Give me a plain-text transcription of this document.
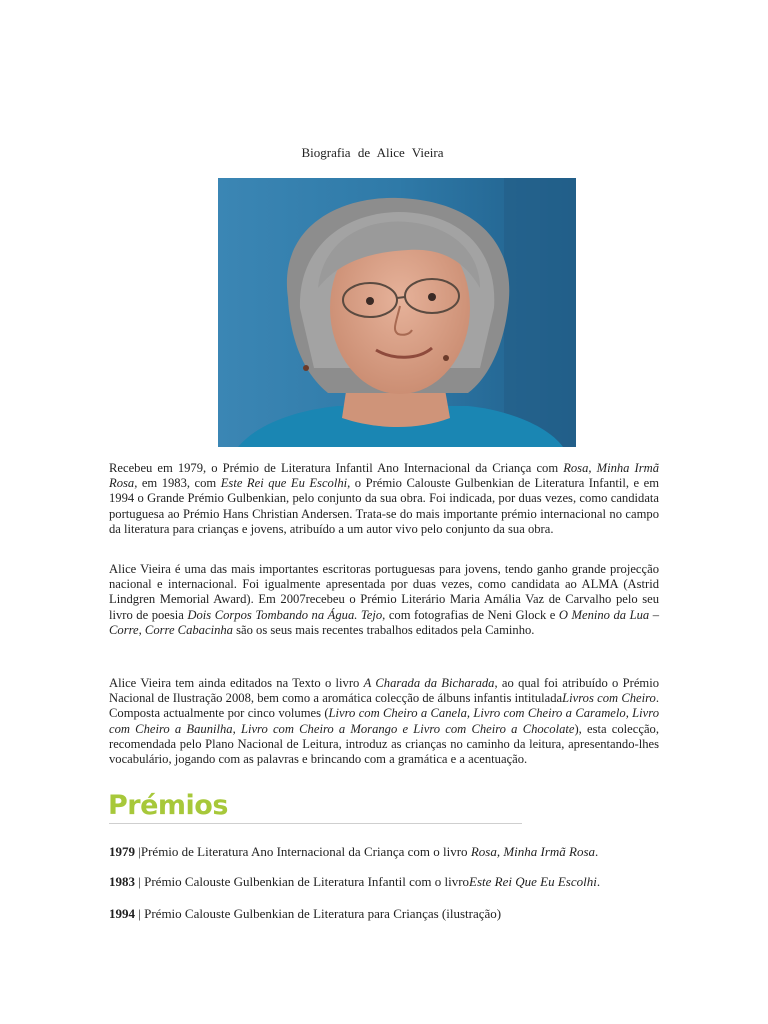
Biografia de Alice Vieira
Recebeu em 1979, o Prémio de Literatura Infantil Ano Internacional da Criança com Rosa, Minha Irmã Rosa, em 1983, com Este Rei que Eu Escolhi, o Prémio Calouste Gulbenkian de Literatura Infantil, e em 1994 o Grande Prémio Gulbenkian, pelo conjunto da sua obra. Foi indicada, por duas vezes, como candidata portuguesa ao Prémio Hans Christian Andersen. Trata-se do mais importante prémio internacional no campo da literatura para crianças e jovens, atribuído a um autor vivo pelo conjunto da sua obra.
Alice Vieira é uma das mais importantes escritoras portuguesas para jovens, tendo ganho grande projecção nacional e internacional. Foi igualmente apresentada por duas vezes, como candidata ao ALMA (Astrid Lindgren Memorial Award). Em 2007recebeu o Prémio Literário Maria Amália Vaz de Carvalho pelo seu livro de poesia Dois Corpos Tombando na Água. Tejo, com fotografias de Neni Glock e O Menino da Lua – Corre, Corre Cabacinha são os seus mais recentes trabalhos editados pela Caminho.
Alice Vieira tem ainda editados na Texto o livro A Charada da Bicharada, ao qual foi atribuído o Prémio Nacional de Ilustração 2008, bem como a aromática colecção de álbuns infantis intituladaLivros com Cheiro. Composta actualmente por cinco volumes (Livro com Cheiro a Canela, Livro com Cheiro a Caramelo, Livro com Cheiro a Baunilha, Livro com Cheiro a Morango e Livro com Cheiro a Chocolate), esta colecção, recomendada pelo Plano Nacional de Leitura, introduz as crianças no caminho da leitura, apresentando-lhes vocabulário, jogando com as palavras e brincando com a gramática e a acentuação.
Prémios
1979 |Prémio de Literatura Ano Internacional da Criança com o livro Rosa, Minha Irmã Rosa.
1983 | Prémio Calouste Gulbenkian de Literatura Infantil com o livroEste Rei Que Eu Escolhi.
1994 | Prémio Calouste Gulbenkian de Literatura para Crianças (ilustração)
